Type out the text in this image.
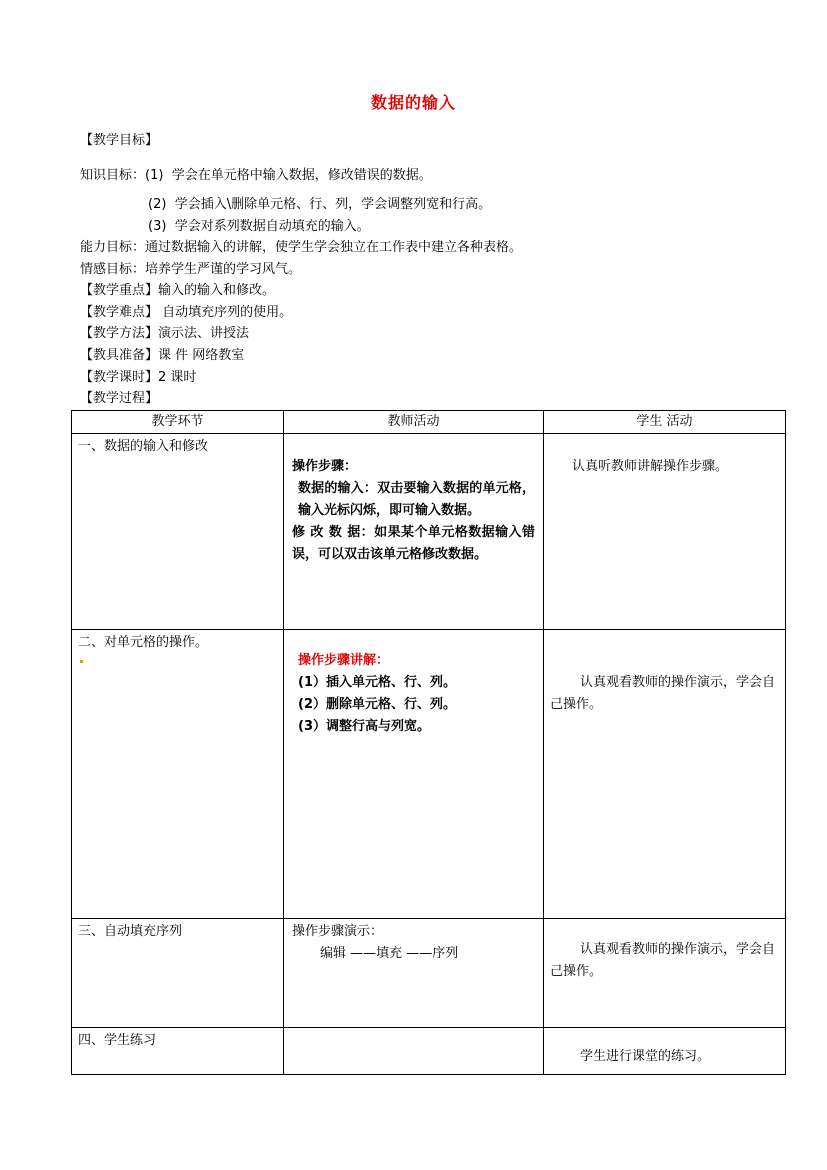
数据的输入
【教学目标】
知识目标：(1) 学会在单元格中输入数据，修改错误的数据。
(2) 学会插入\删除单元格、行、列，学会调整列宽和行高。
(3) 学会对系列数据自动填充的输入。
能力目标：通过数据输入的讲解，使学生学会独立在工作表中建立各种表格。
情感目标：培养学生严谨的学习风气。
【教学重点】输入的输入和修改。
【教学难点】 自动填充序列的使用。
【教学方法】演示法、讲授法
【教具准备】课 件 网络教室
【教学课时】2 课时
【教学过程】
教学环节	教师活动	学生 活动
一、数据的输入和修改	操作步骤：
数据的输入：双击要输入数据的单元格，输入光标闪烁，即可输入数据。
修 改 数 据：如果某个单元格数据输入错误，可以双击该单元格修改数据。	认真听教师讲解操作步骤。

二、对单元格的操作。	操作步骤讲解：
(1）插入单元格、行、列。
(2）删除单元格、行、列。
(3）调整行高与列宽。	认真观看教师的操作演示，学会自己操作。

三、自动填充序列	操作步骤演示：
编辑 ——填充 ——序列	认真观看教师的操作演示，学会自己操作。

四、学生练习		学生进行课堂的练习。
